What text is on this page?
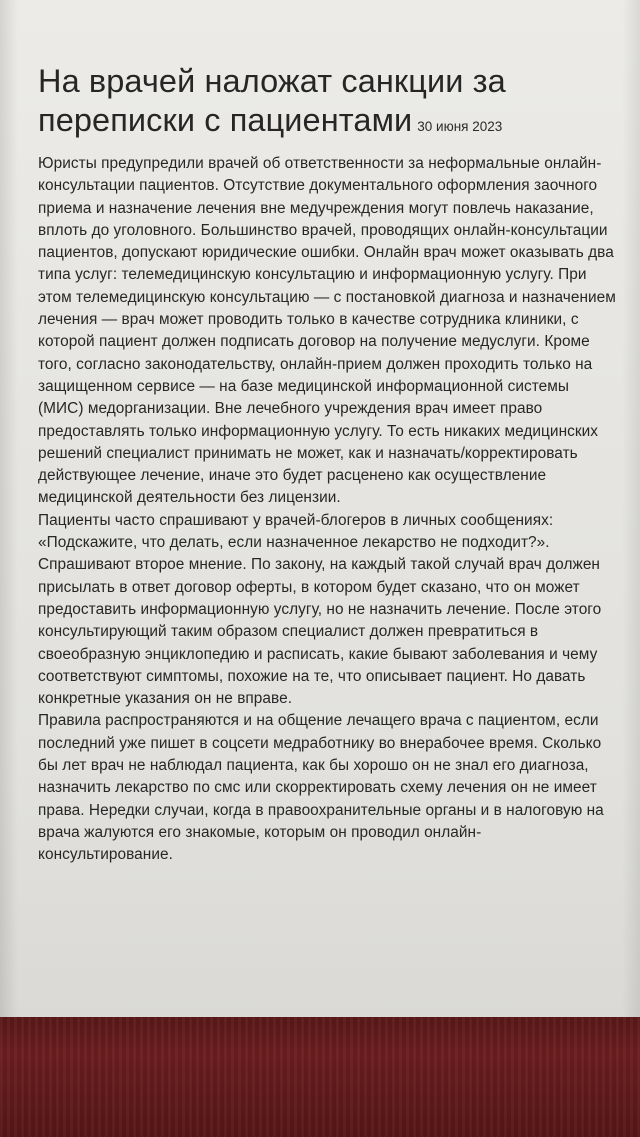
На врачей наложат санкции за переписки с пациентами 30 июня 2023

Юристы предупредили врачей об ответственности за неформальные онлайн-консультации пациентов. Отсутствие документального оформления заочного приема и назначение лечения вне медучреждения могут повлечь наказание, вплоть до уголовного. Большинство врачей, проводящих онлайн-консультации пациентов, допускают юридические ошибки. Онлайн врач может оказывать два типа услуг: телемедицинскую консультацию и информационную услугу. При этом телемедицинскую консультацию — с постановкой диагноза и назначением лечения — врач может проводить только в качестве сотрудника клиники, с которой пациент должен подписать договор на получение медуслуги. Кроме того, согласно законодательству, онлайн-прием должен проходить только на защищенном сервисе — на базе медицинской информационной системы (МИС) медорганизации. Вне лечебного учреждения врач имеет право предоставлять только информационную услугу. То есть никаких медицинских решений специалист принимать не может, как и назначать/корректировать действующее лечение, иначе это будет расценено как осуществление медицинской деятельности без лицензии.

Пациенты часто спрашивают у врачей-блогеров в личных сообщениях: «Подскажите, что делать, если назначенное лекарство не подходит?». Спрашивают второе мнение. По закону, на каждый такой случай врач должен присылать в ответ договор оферты, в котором будет сказано, что он может предоставить информационную услугу, но не назначить лечение. После этого консультирующий таким образом специалист должен превратиться в своеобразную энциклопедию и расписать, какие бывают заболевания и чему соответствуют симптомы, похожие на те, что описывает пациент. Но давать конкретные указания он не вправе.

Правила распространяются и на общение лечащего врача с пациентом, если последний уже пишет в соцсети медработнику во внерабочее время. Сколько бы лет врач не наблюдал пациента, как бы хорошо он не знал его диагноза, назначить лекарство по смс или скорректировать схему лечения он не имеет права. Нередки случаи, когда в правоохранительные органы и в налоговую на врача жалуются его знакомые, которым он проводил онлайн-консультирование.
